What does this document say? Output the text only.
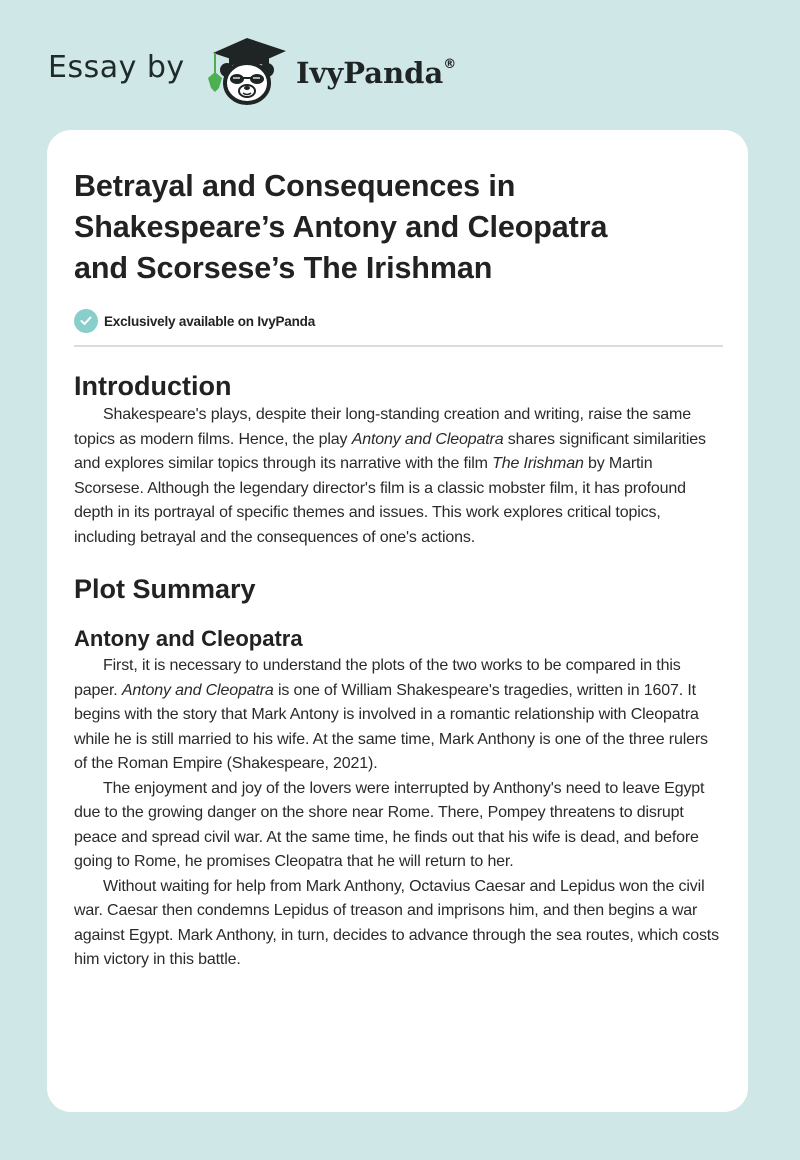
Essay by	IvyPanda®
Betrayal and Consequences in
Shakespeare’s Antony and Cleopatra
and Scorsese’s The Irishman
Exclusively available on IvyPanda
Introduction

Shakespeare's plays, despite their long-standing creation and writing, raise the same topics as modern films. Hence, the play Antony and Cleopatra shares significant similarities and explores similar topics through its narrative with the film The Irishman by Martin Scorsese. Although the legendary director's film is a classic mobster film, it has profound depth in its portrayal of specific themes and issues. This work explores critical topics, including betrayal and the consequences of one's actions.

Plot Summary
Antony and Cleopatra

First, it is necessary to understand the plots of the two works to be compared in this paper. Antony and Cleopatra is one of William Shakespeare's tragedies, written in 1607. It begins with the story that Mark Antony is involved in a romantic relationship with Cleopatra while he is still married to his wife. At the same time, Mark Anthony is one of the three rulers of the Roman Empire (Shakespeare, 2021).

The enjoyment and joy of the lovers were interrupted by Anthony's need to leave Egypt due to the growing danger on the shore near Rome. There, Pompey threatens to disrupt peace and spread civil war. At the same time, he finds out that his wife is dead, and before going to Rome, he promises Cleopatra that he will return to her.

Without waiting for help from Mark Anthony, Octavius Caesar and Lepidus won the civil war. Caesar then condemns Lepidus of treason and imprisons him, and then begins a war against Egypt. Mark Anthony, in turn, decides to advance through the sea routes, which costs him victory in this battle.
